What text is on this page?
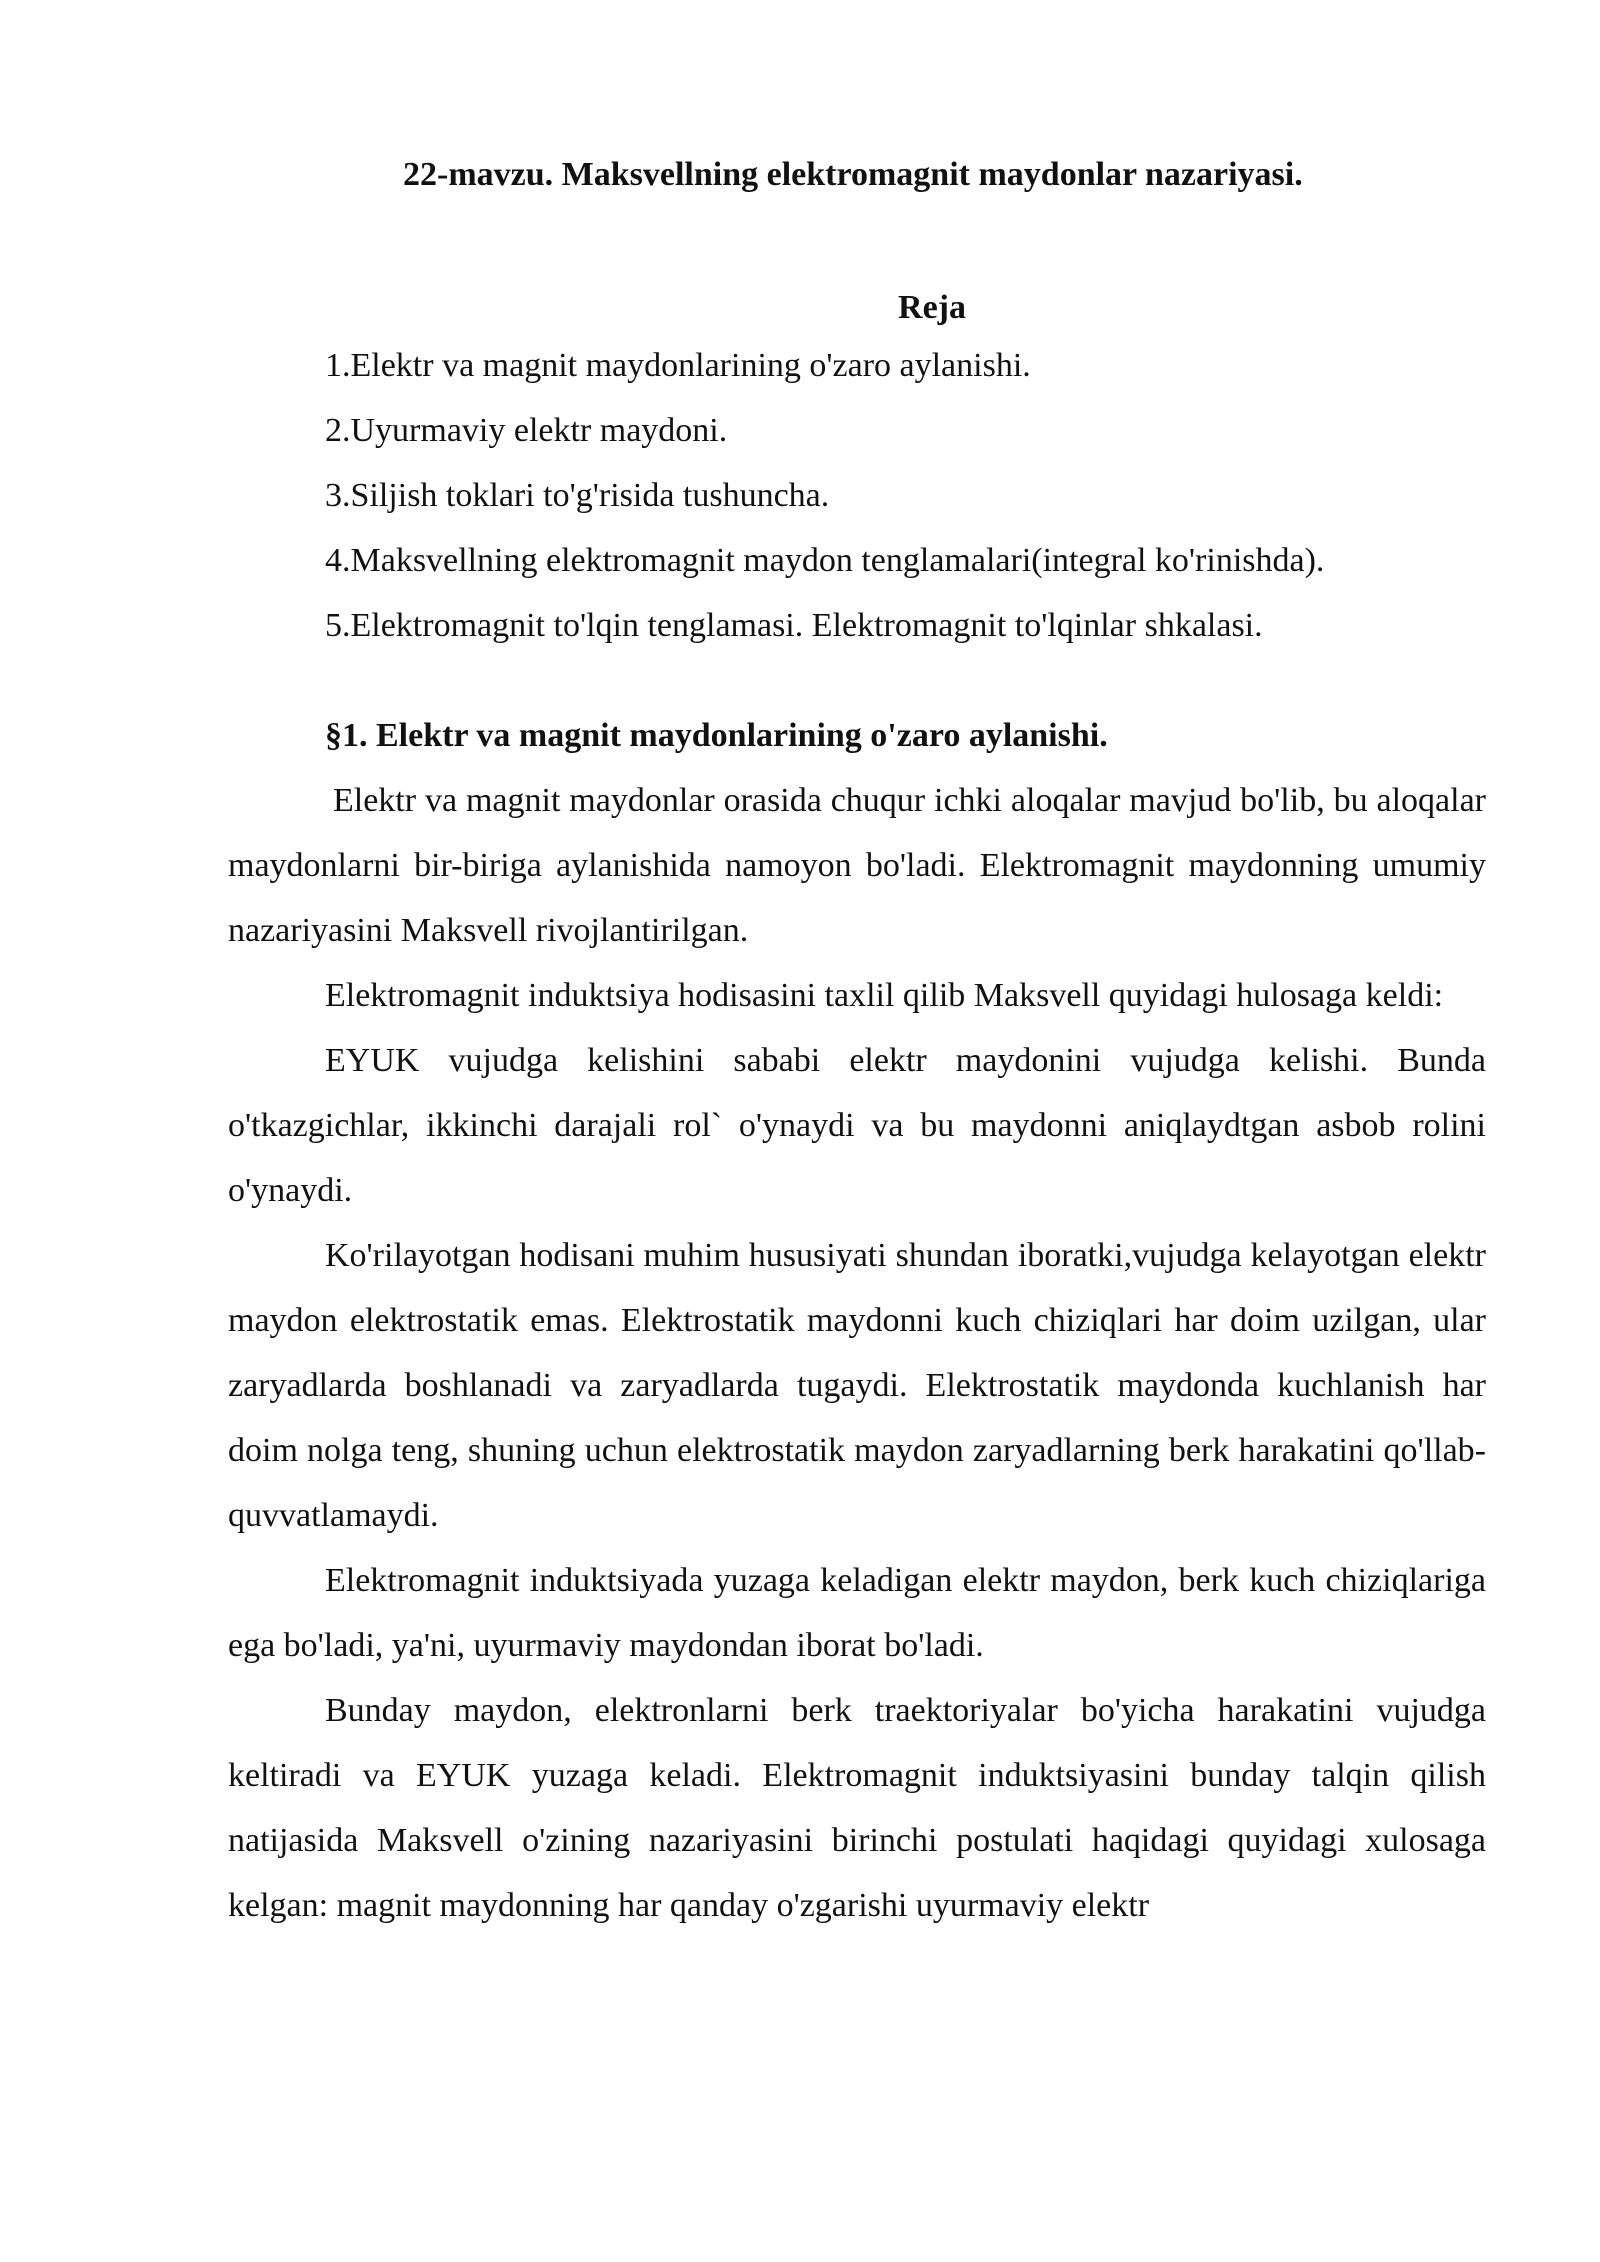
22-mavzu. Maksvellning elektromagnit maydonlar nazariyasi.

Reja

1.Elektr va magnit maydonlarining o'zaro aylanishi.
2.Uyurmaviy elektr maydoni.
3.Siljish toklari to'g'risida tushuncha.
4.Maksvellning elektromagnit maydon tenglamalari(integral ko'rinishda).
5.Elektromagnit to'lqin tenglamasi. Elektromagnit to'lqinlar shkalasi.

§1. Elektr va magnit maydonlarining o'zaro aylanishi.

Elektr va magnit maydonlar orasida chuqur ichki aloqalar mavjud bo'lib, bu aloqalar maydonlarni bir-biriga aylanishida namoyon bo'ladi. Elektromagnit maydonning umumiy nazariyasini Maksvell rivojlantirilgan.

Elektromagnit induktsiya hodisasini taxlil qilib Maksvell quyidagi hulosaga keldi:

EYUK vujudga kelishini sababi elektr maydonini vujudga kelishi. Bunda o'tkazgichlar, ikkinchi darajali rol` o'ynaydi va bu maydonni aniqlaydtgan asbob rolini o'ynaydi.

Ko'rilayotgan hodisani muhim hususiyati shundan iboratki,vujudga kelayotgan elektr maydon elektrostatik emas. Elektrostatik maydonni kuch chiziqlari har doim uzilgan, ular zaryadlarda boshlanadi va zaryadlarda tugaydi. Elektrostatik maydonda kuchlanish har doim nolga teng, shuning uchun elektrostatik maydon zaryadlarning berk harakatini qo'llab-quvvatlamaydi.

Elektromagnit induktsiyada yuzaga keladigan elektr maydon, berk kuch chiziqlariga ega bo'ladi, ya'ni, uyurmaviy maydondan iborat bo'ladi.

Bunday maydon, elektronlarni berk traektoriyalar bo'yicha harakatini vujudga keltiradi va EYUK yuzaga keladi. Elektromagnit induktsiyasini bunday talqin qilish natijasida Maksvell o'zining nazariyasini birinchi postulati haqidagi quyidagi xulosaga kelgan: magnit maydonning har qanday o'zgarishi uyurmaviy elektr
